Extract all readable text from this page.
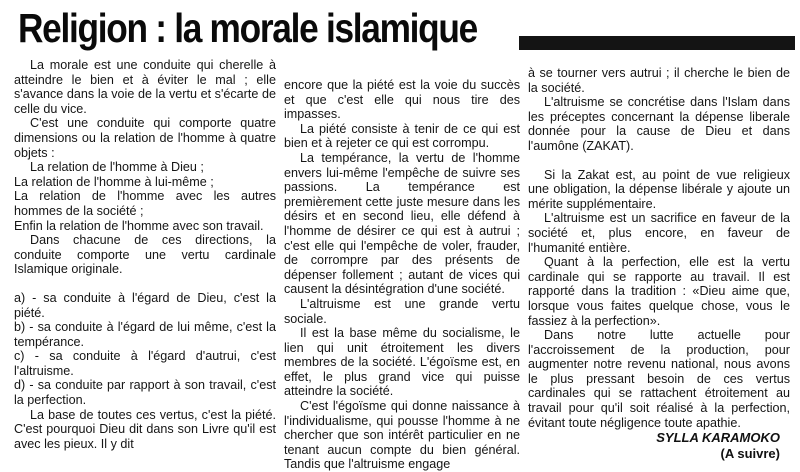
Religion : la morale islamique

La morale est une conduite qui cherelle à atteindre le bien et à éviter le mal ; elle s'avance dans la voie de la vertu et s'écarte de celle du vice.

C'est une conduite qui comporte quatre dimensions ou la relation de l'homme à quatre objets :

La relation de l'homme à Dieu ;

La relation de l'homme à lui-même ;

La relation de l'homme avec les autres hommes de la société ;

Enfin la relation de l'homme avec son travail.

Dans chacune de ces directions, la conduite comporte une vertu cardinale Islamique originale.

a) - sa conduite à l'égard de Dieu, c'est la piété.

b) - sa conduite à l'égard de lui même, c'est la tempérance.

c) - sa conduite à l'égard d'autrui, c'est l'altruisme.

d) - sa conduite par rapport à son travail, c'est la perfection.

La base de toutes ces vertus, c'est la piété. C'est pourquoi Dieu dit dans son Livre qu'il est avec les pieux. Il y dit

encore que la piété est la voie du succès et que c'est elle qui nous tire des impasses.

La piété consiste à tenir de ce qui est bien et à rejeter ce qui est corrompu.

La tempérance, la vertu de l'homme envers lui-même l'empêche de suivre ses passions. La tempérance est premièrement cette juste mesure dans les désirs et en second lieu, elle défend à l'homme de désirer ce qui est à autrui ; c'est elle qui l'empêche de voler, frauder, de corrompre par des présents de dépenser follement ; autant de vices qui causent la désintégration d'une société.

L'altruisme est une grande vertu sociale.

Il est la base même du socialisme, le lien qui unit étroitement les divers membres de la société. L'égoïsme est, en effet, le plus grand vice qui puisse atteindre la société.

C'est l'égoïsme qui donne naissance à l'individualisme, qui pousse l'homme à ne chercher que son intérêt particulier en ne tenant aucun compte du bien général. Tandis que l'altruisme engage

à se tourner vers autrui ; il cherche le bien de la société.

L'altruisme se concrétise dans l'Islam dans les préceptes concernant la dépense liberale donnée pour la cause de Dieu et dans l'aumône (ZAKAT).

Si la Zakat est, au point de vue religieux une obligation, la dépense libérale y ajoute un mérite supplémentaire.

L'altruisme est un sacrifice en faveur de la société et, plus encore, en faveur de l'humanité entière.

Quant à la perfection, elle est la vertu cardinale qui se rapporte au travail. Il est rapporté dans la tradition : «Dieu aime que, lorsque vous faites quelque chose, vous le fassiez à la perfection».

Dans notre lutte actuelle pour l'accroissement de la production, pour augmenter notre revenu national, nous avons le plus pressant besoin de ces vertus cardinales qui se rattachent étroitement au travail pour qu'il soit réalisé à la perfection, évitant toute négligence toute apathie.

SYLLA KARAMOKO
(A suivre)
